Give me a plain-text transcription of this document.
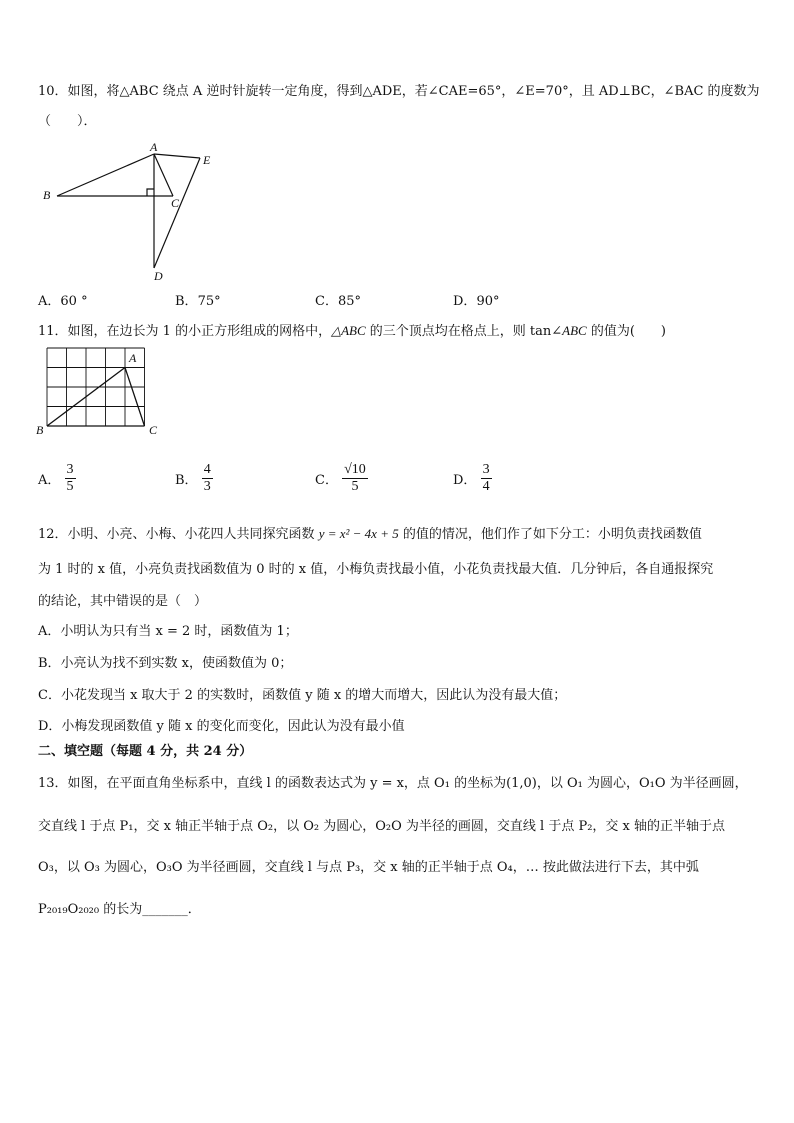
10．如图，将△ABC 绕点 A 逆时针旋转一定角度，得到△ADE，若∠CAE=65°，∠E=70°，且 AD⊥BC，∠BAC 的度数为
（　　）．
A
B
C
D
E
A．60 °	B．75°	C．85°	D．90°
11．如图，在边长为 1 的小正方形组成的网格中，△ABC 的三个顶点均在格点上，则 tan∠ABC 的值为(　　)
A
B	C
A． $\frac{3}{5}$	B． $\frac{4}{3}$	C． $\frac{√10}{5}$	D． $\frac{3}{4}$
12．小明、小亮、小梅、小花四人共同探究函数 y = x² − 4x + 5 的值的情况，他们作了如下分工：小明负责找函数值
为 1 时的 x 值，小亮负责找函数值为 0 时的 x 值，小梅负责找最小值，小花负责找最大值．几分钟后，各自通报探究
的结论，其中错误的是（　）
A．小明认为只有当 x = 2 时，函数值为 1；
B．小亮认为找不到实数 x，使函数值为 0；
C．小花发现当 x 取大于 2 的实数时，函数值 y 随 x 的增大而增大，因此认为没有最大值；
D．小梅发现函数值 y 随 x 的变化而变化，因此认为没有最小值
二、填空题（每题 4 分，共 24 分）
13．如图，在平面直角坐标系中，直线 l 的函数表达式为 y = x，点 O₁ 的坐标为(1,0)，以 O₁ 为圆心，O₁O 为半径画圆，
交直线 l 于点 P₁，交 x 轴正半轴于点 O₂，以 O₂ 为圆心，O₂O 为半径的画圆，交直线 l 于点 P₂，交 x 轴的正半轴于点
O₃，以 O₃ 为圆心，O₃O 为半径画圆，交直线 l 与点 P₃，交 x 轴的正半轴于点 O₄，… 按此做法进行下去，其中弧
P₂₀₁₉O₂₀₂₀ 的长为_______．
